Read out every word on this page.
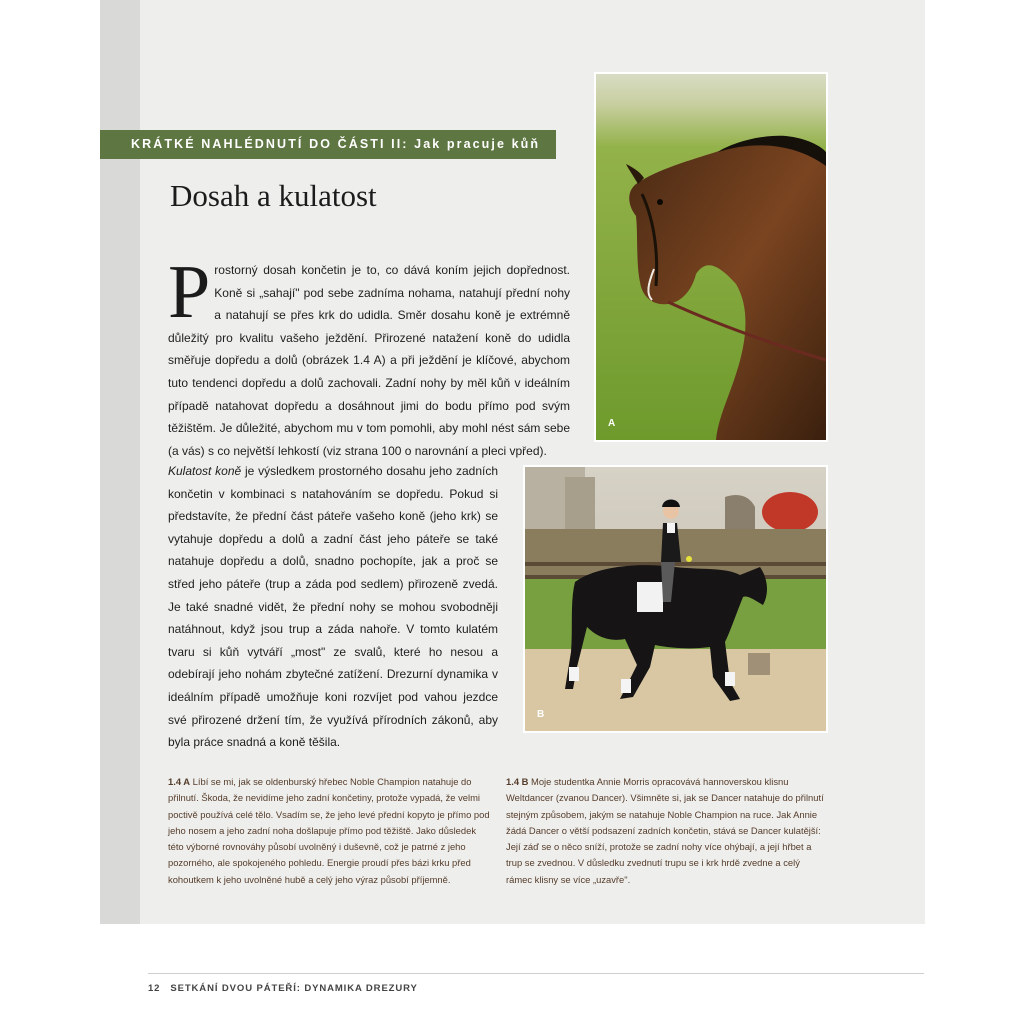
KRÁTKÉ NAHLÉDNUTÍ DO ČÁSTI II: Jak pracuje kůň
Dosah a kulatost

Prostorný dosah končetin je to, co dává koním jejich dopřednost. Koně si „sahají" pod sebe zadníma nohama, natahují přední nohy a natahují se přes krk do udidla. Směr dosahu koně je extrémně důležitý pro kvalitu vašeho ježdění. Přirozené natažení koně do udidla směřuje dopředu a dolů (obrázek 1.4 A) a při ježdění je klíčové, abychom tuto tendenci dopředu a dolů zachovali. Zadní nohy by měl kůň v ideálním případě natahovat dopředu a dosáhnout jimi do bodu přímo pod svým těžištěm. Je důležité, abychom mu v tom pomohli, aby mohl nést sám sebe (a vás) s co největší lehkostí (viz strana 100 o narovnání a pleci vpřed).

Kulatost koně je výsledkem prostorného dosahu jeho zadních končetin v kombinaci s natahováním se dopředu. Pokud si představíte, že přední část páteře vašeho koně (jeho krk) se vytahuje dopředu a dolů a zadní část jeho páteře se také natahuje dopředu a dolů, snadno pochopíte, jak a proč se střed jeho páteře (trup a záda pod sedlem) přirozeně zvedá. Je také snadné vidět, že přední nohy se mohou svobodněji natáhnout, když jsou trup a záda nahoře. V tomto kulatém tvaru si kůň vytváří „most" ze svalů, které ho nesou a odebírají jeho nohám zbytečné zatížení. Drezurní dynamika v ideálním případě umožňuje koni rozvíjet pod vahou jezdce své přirozené držení tím, že využívá přírodních zákonů, aby byla práce snadná a koně těšila.

A
B

1.4 A Líbí se mi, jak se oldenburský hřebec Noble Champion natahuje do přilnutí. Škoda, že nevidíme jeho zadní končetiny, protože vypadá, že velmi poctivě používá celé tělo. Vsadím se, že jeho levé přední kopyto je přímo pod jeho nosem a jeho zadní noha došlapuje přímo pod těžiště. Jako důsledek této výborné rovnováhy působí uvolněný i duševně, což je patrné z jeho pozorného, ale spokojeného pohledu. Energie proudí přes bázi krku před kohoutkem k jeho uvolněné hubě a celý jeho výraz působí příjemně.

1.4 B Moje studentka Annie Morris opracovává hannoverskou klisnu Weltdancer (zvanou Dancer). Všimněte si, jak se Dancer natahuje do přilnutí stejným způsobem, jakým se natahuje Noble Champion na ruce. Jak Annie žádá Dancer o větší podsazení zadních končetin, stává se Dancer kulatější: Její záď se o něco sníží, protože se zadní nohy více ohýbají, a její hřbet a trup se zvednou. V důsledku zvednutí trupu se i krk hrdě zvedne a celý rámec klisny se více „uzavře".

12 SETKÁNÍ DVOU PÁTEŘÍ: DYNAMIKA DREZURY
